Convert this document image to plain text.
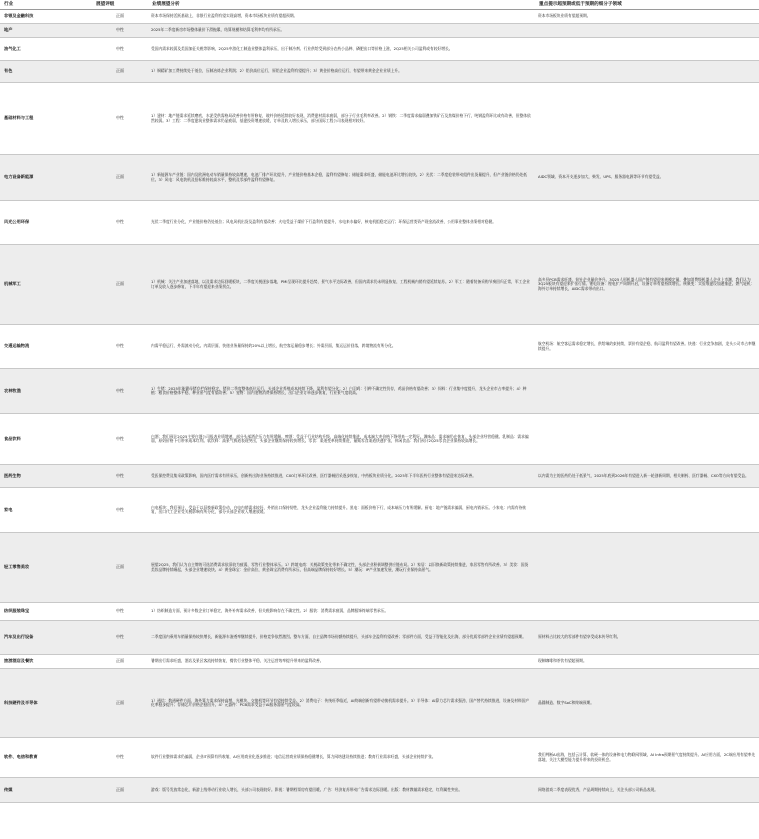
行业	展望评级	业绩展望分析	重点提示超预期或低于预期的细分子领域
非银及金融科技	正面	资本市场保持活跃基础上，非银行业盈利有望实现高增，资本市场板块业绩有望超预期。	资本市场板块业绩有望超预期。
地产	中性	2025年二季度新房市场整体量价下滑拖累，结算规模和结算毛利率均有所承压。	
油气化工	中性	受国内需求较弱及美国加征关税等影响，2Q25中游化工制造业整体盈利承压，出于制冷剂、行业供给受到部分农药小品种、磷肥出口等价格上涨，2Q25相关公司盈利或有较好增长。	
有色	正面	1）铜精矿加工费持续处于低位，压制冶炼企业利润；2）铝价高位运行，原铝企业盈利有望提升；3）黄金价格高位运行，有望带来黄金企业业绩上升。	
基础材料与工程	中性	1）建材：地产链需求延续磨底，水泥受供需格局改善价格有所修复，玻纤价格延续较好表现，消费建材需求疲弱，部分子行业毛利率改善。2）钢铁：二季度需求偏弱叠加铁矿石及焦煤价格下行，吨钢盈利环比或有改善，但整体依然较弱。3）工程：二季度建筑业整体需求仍显疲弱，基建投资增速放缓，订单及收入增长承压，部分国际工程公司表现相对较好。	
电力设备新能源	正面	1）新能源车产业链：国内及欧洲电动车销量保持较高增速，电池厂排产环比提升，产业链价格基本企稳，盈利有望修复；储能需求旺盛，储能电池环比增长较快。2）光伏：二季度抢装带动组件出货量提升，但产业链价格仍处低位。3）风电：风电装机及招标维持较高水平，整机及零部件盈利有望修复。	AIDC领域、资本开支逐步加大，柴发、UPS、服务器电源等环节有望受益。
风光公用环保	中性	光伏二季度行业分化，产业链价格仍处低位；风电风机出货及盈利有望改善；火电受益于煤价下行盈利有望提升，水电来水偏好，核电机组稳定运行；环保运营类资产现金流改善，公用事业整体业绩相对稳健。	
机械军工	正面	1）机械：关注产业加速落地，以及需求边际回暖板块，二季度关税逐步落地，PMI呈现环比提升趋势，景气水平边际改善，但国内需求仍未明显恢复，工程机械内销有望延续复苏。2）军工：随着装备采购节奏回归正常，军工企业订单及收入逐步修复，下半年有望迎来业绩拐点。	高多层PCB需求旺盛，钻针企业量价齐升。3Q25人形机器人国产链有望迎来规模定量，叠加消费级机器人企业上市潮，我们认为3Q25板块有望迎来扩张行情。锂电设备：锂电扩产周期开启，设备订单有望持续增长。核聚变：实验堆建设加速推进。燃气轮机：海外订单持续增长，AIDC需求带动出口。
交通运输物流	中性	内需平稳运行，外需波动分化。内需层面，快递业务量保持约20%以上增长，航空客运量稳步增长；外需层面，集运运价回落，跨境物流有所分化。	航空机场：航空客运需求稳定增长，供给端约束持续，票价有望企稳，航司盈利有望改善。快递：行业竞争加剧，龙头公司市占率继续提升。
农林牧渔	中性	1）生猪：2025年能繁母猪存栏保持稳定，猪价二季度整体低位运行，头部企业养殖成本持续下降，盈利有望分化；2）白羽鸡：引种不确定性仍存，鸡苗价格有望改善；3）饲料：行业集中度提升，龙头企业市占率提升；4）种植：粮食价格整体平稳，种业景气度有望改善；5）宠物：国内宠物消费保持增长，出口企业订单逐步恢复，行业景气度较高。	
食品饮料	中性	白酒：我们预计2Q25主要白酒公司报表业绩增速，部分头部酒企压力有所缓解。啤酒：受益于行业结构升级，高端化持续推进，成本端大麦价格下降带来一定利好。调味品：需求端仍在恢复，头部企业经营稳健。乳制品：需求偏弱，原奶价格下行带来成本红利。软饮料：高景气赛道表现突出，头部企业继续保持较快增长。零食：渠道变革持续推进，量贩零食渠道快速扩张，休闲食品：我们预计2Q25零食企业保持较高增长。	
医药生物	中性	受医保控费及集采政策影响，国内医疗需求有所承压，创新药出海业务持续推进，CXO订单环比改善，医疗器械招采逐步恢复，中药板块业绩分化。2025年下半年医药行业整体有望迎来边际改善。	以内需为主的医药仍处于低景气，2025年底到2026年有望进入新一轮创新周期，相关制药、医疗器械、CXO等方向有望受益。
家电	中性	白电板块：我们预计，受益于以旧换新政策拉动，白电内销需求较好，外销出口保持韧性，龙头企业盈利能力持续提升。黑电：面板价格下行，成本端压力有所缓解。厨电：地产链需求偏弱，厨电内销承压。小家电：内需有待恢复，出口代工企业受关税影响有所分化，部分头部企业收入增速放缓。	
轻工零售美妆	正面	展望2Q25，我们认为自主牌的可选消费需求依旧较为疲弱，零售行业整体承压。1）跨境电商：关税政策变化带来不确定性，头部企业积极调整供应链布局。2）家居：以旧换新政策持续推进，家居零售有所改善。3）美妆：国货美妆品牌持续崛起，头部企业增速较快。4）黄金珠宝：金价高位，黄金珠宝消费有所承压，但高端品牌保持较好增长。5）潮玩：IP产业加速发展，潮玩行业保持高景气。	
纺织服装珠宝	中性	1）纺织制造方面，预计多数企业订单稳定，海外补库需求改善，但关税影响存在不确定性。2）服装：消费需求疲弱，品牌服饰终端零售承压。	
汽车及出行设备	中性	二季度国内乘用车销量保持较快增长，新能源车渗透率继续提升，价格竞争依然激烈。整车方面，自主品牌市场份额持续提升，头部车企盈利有望改善；零部件方面，受益于智能化及出海，部分优质零部件企业业绩有望超预期。	原材料占比较大的零部件有望享受成本传导红利。
旅游酒店及餐饮	正面	暑期出行需求旺盛，酒店及景区客流持续恢复，餐饮行业整体平稳，关注运营效率提升带来的盈利改善。	现制咖啡和茶饮有望超预期。
科技硬件及半导体	正面	1）通信：数通硬件方面，海外算力需求保持高增，光模块、交换机等环节有望持续受益。2）消费电子：传统旺季临近，AI终端创新有望带动换机需求提升。3）半导体：AI算力芯片需求强劲，国产替代持续推进，设备及材料国产化率稳步提升；存储芯片价格企稳回升。4）元器件：PCB需求受益于AI服务器景气度较高。	晶圆制造、数字SoC和终端预期。
软件、电信和教育	中性	软件行业整体需求仍偏弱，企业IT预算有所收缩，AI应用商业化逐步推进；电信运营商业绩保持稳健增长，算力网络建设持续推进；教育行业需求旺盛，头部企业持续扩张。	我们判断AI出海，包括云计算，软硬一体的设备和电力物联网领域，AI Infra预期景气度持续提升。AI应用方面，2C端应用有望率先落地，关注大模型能力提升带来的投资机会。
传媒	正面	游戏：版号发放常态化，新游上线带动行业收入增长，头部公司表现较好。影视：暑期档票房有望回暖。广告：经济复苏带动广告需求边际回暖。出版：教材教辅需求稳定，红利属性突出。	网络游戏二季度表现优秀，产品周期持续向上，关注头部公司新品表现。
